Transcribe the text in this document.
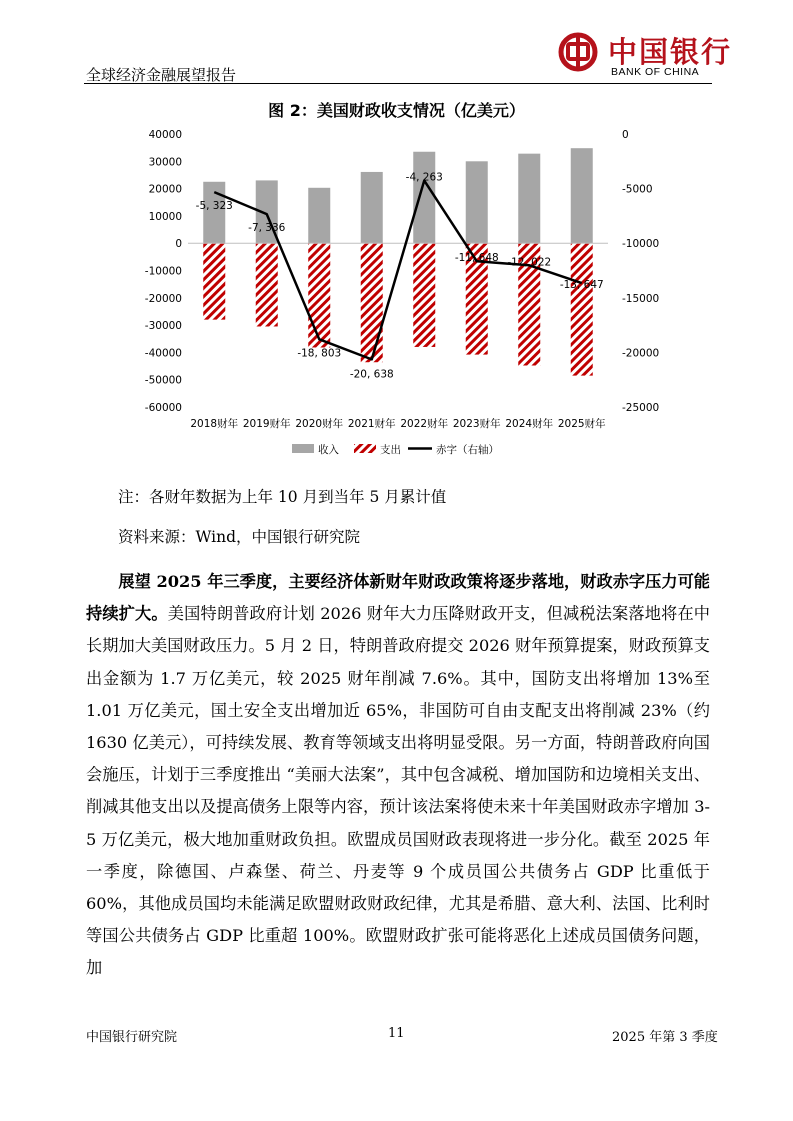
全球经济金融展望报告
中国银行
BANK OF CHINA
图 2：美国财政收支情况（亿美元）
40000
30000
20000
10000
0
-10000
-20000
-30000
-40000
-50000
-60000
0
-5000
-10000
-15000
-20000
-25000
-5, 323
-7, 336
-18, 803
-20, 638
-4, 263
-11, 648 -12, 022
-13, 647
2018财年 2019财年 2020财年 2021财年 2022财年 2023财年 2024财年 2025财年
收入	支出	赤字（右轴）
注：各财年数据为上年 10 月到当年 5 月累计值
资料来源：Wind，中国银行研究院
展望 2025 年三季度，主要经济体新财年财政政策将逐步落地，财政赤字压力可能持续扩大。美国特朗普政府计划 2026 财年大力压降财政开支，但减税法案落地将在中长期加大美国财政压力。5 月 2 日，特朗普政府提交 2026 财年预算提案，财政预算支出金额为 1.7 万亿美元，较 2025 财年削减 7.6%。其中，国防支出将增加 13%至 1.01 万亿美元，国土安全支出增加近 65%，非国防可自由支配支出将削减 23%（约 1630 亿美元），可持续发展、教育等领域支出将明显受限。另一方面，特朗普政府向国会施压，计划于三季度推出 “美丽大法案”，其中包含减税、增加国防和边境相关支出、削减其他支出以及提高债务上限等内容，预计该法案将使未来十年美国财政赤字增加 3-5 万亿美元，极大地加重财政负担。欧盟成员国财政表现将进一步分化。截至 2025 年一季度，除德国、卢森堡、荷兰、丹麦等 9 个成员国公共债务占 GDP 比重低于 60%，其他成员国均未能满足欧盟财政财政纪律，尤其是希腊、意大利、法国、比利时等国公共债务占 GDP 比重超 100%。欧盟财政扩张可能将恶化上述成员国债务问题，加
中国银行研究院	11	2025 年第 3 季度
